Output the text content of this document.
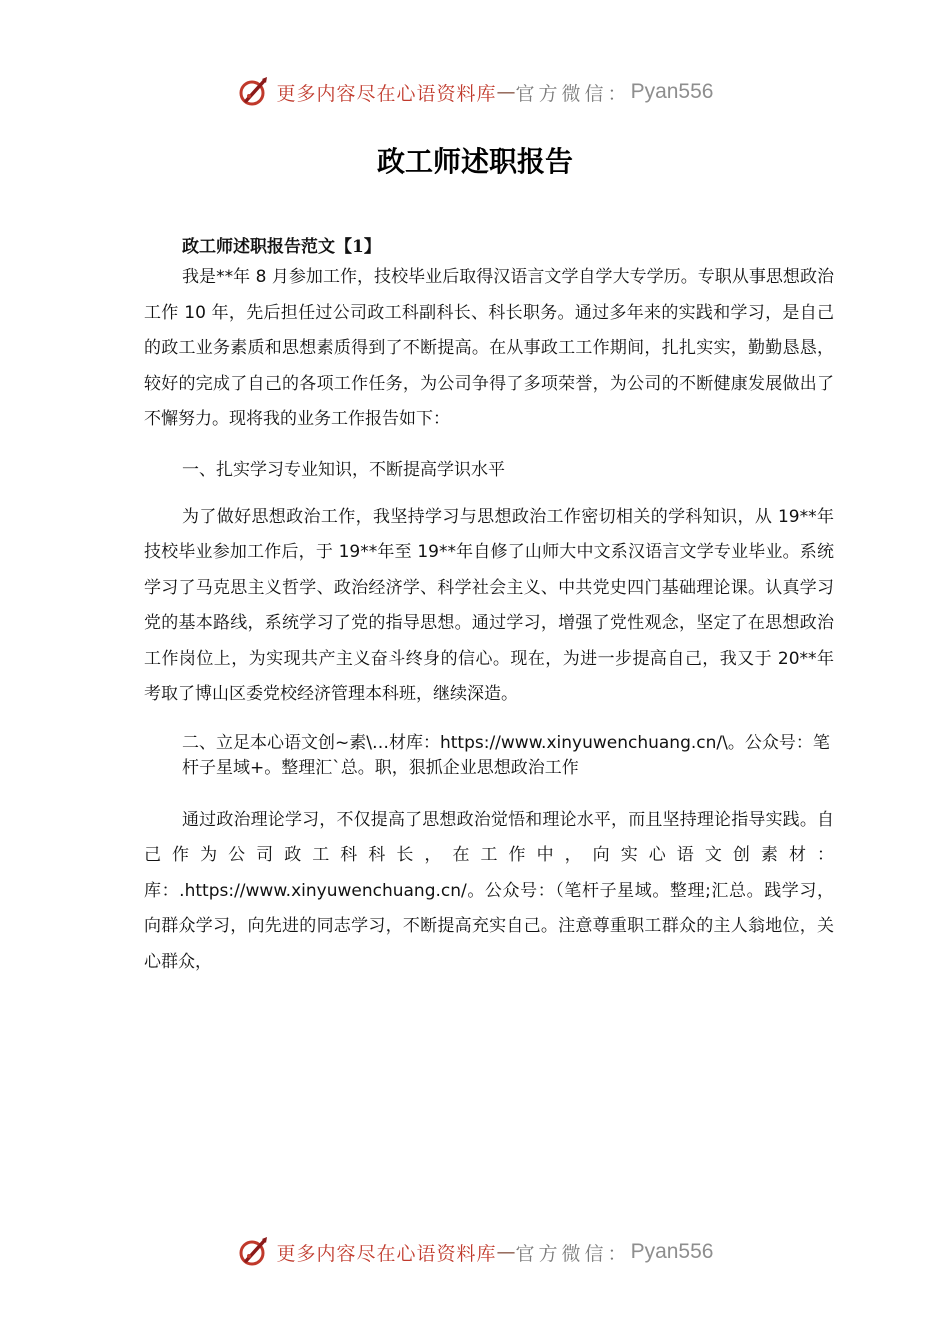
更多内容尽在心语资料库 — 官方微信： Pyan556
政工师述职报告

政工师述职报告范文【1】

我是**年 8 月参加工作，技校毕业后取得汉语言文学自学大专学历。专职从事思想政治工作 10 年，先后担任过公司政工科副科长、科长职务。通过多年来的实践和学习，是自己的政工业务素质和思想素质得到了不断提高。在从事政工工作期间，扎扎实实，勤勤恳恳，较好的完成了自己的各项工作任务，为公司争得了多项荣誉，为公司的不断健康发展做出了不懈努力。现将我的业务工作报告如下：

一、扎实学习专业知识，不断提高学识水平

为了做好思想政治工作，我坚持学习与思想政治工作密切相关的学科知识，从 19**年技校毕业参加工作后，于 19**年至 19**年自修了山师大中文系汉语言文学专业毕业。系统学习了马克思主义哲学、政治经济学、科学社会主义、中共党史四门基础理论课。认真学习党的基本路线，系统学习了党的指导思想。通过学习，增强了党性观念，坚定了在思想政治工作岗位上，为实现共产主义奋斗终身的信心。现在，为进一步提高自己，我又于 20**年考取了博山区委党校经济管理本科班，继续深造。

二、立足本心语文创~素\…材库：https://www.xinyuwenchuang.cn/\。公众号：笔杆子星域+。整理汇`总。职，狠抓企业思想政治工作

通过政治理论学习，不仅提高了思想政治觉悟和理论水平，而且坚持理论指导实践。自己作为公司政工科科长，在工作中，向实心语文创素材：库：.https://www.xinyuwenchuang.cn/。公众号：（笔杆子星域。整理;汇总。践学习，向群众学习，向先进的同志学习，不断提高充实自己。注意尊重职工群众的主人翁地位，关心群众，

更多内容尽在心语资料库 — 官方微信： Pyan556
